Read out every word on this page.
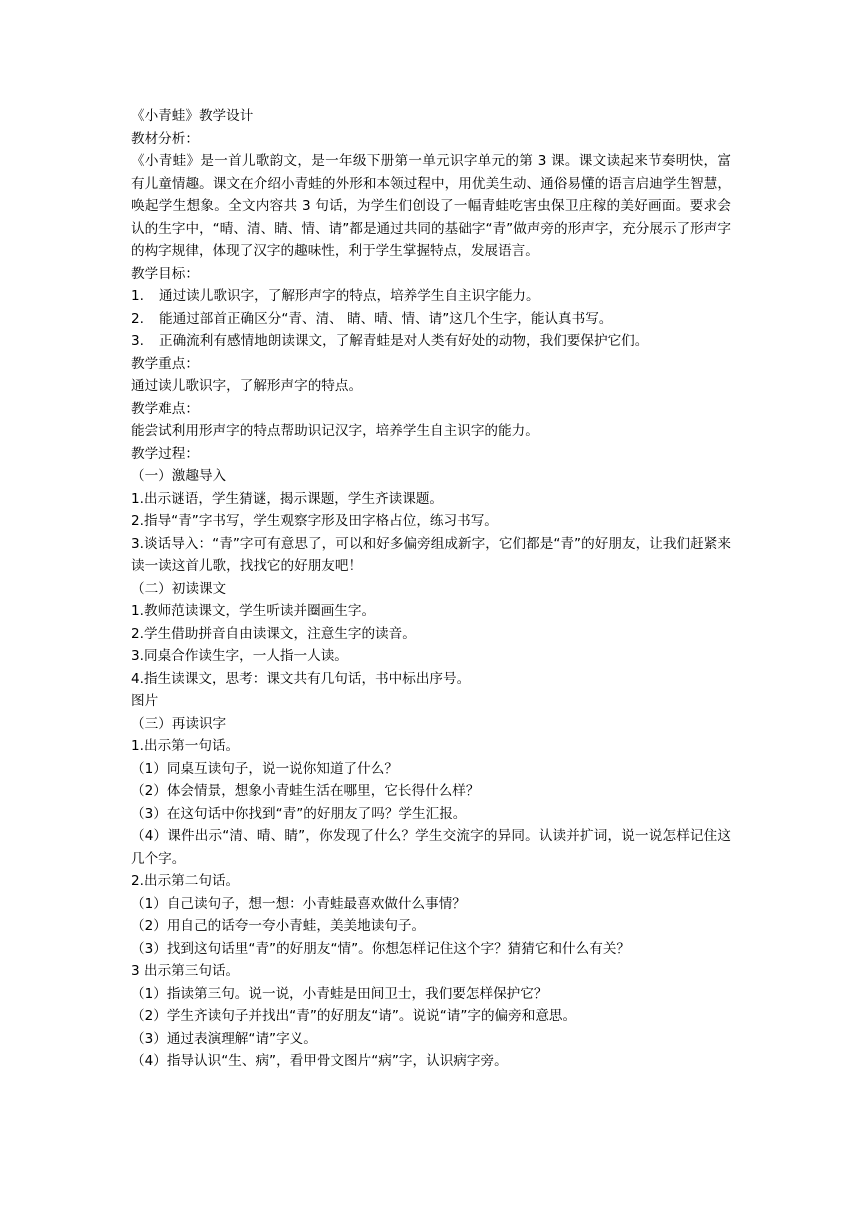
《小青蛙》教学设计
教材分析：
《小青蛙》是一首儿歌韵文，是一年级下册第一单元识字单元的第 3 课。课文读起来节奏明快，富有儿童情趣。课文在介绍小青蛙的外形和本领过程中，用优美生动、通俗易懂的语言启迪学生智慧，唤起学生想象。全文内容共 3 句话，为学生们创设了一幅青蛙吃害虫保卫庄稼的美好画面。要求会认的生字中，“晴、清、睛、情、请”都是通过共同的基础字“青”做声旁的形声字，充分展示了形声字的构字规律，体现了汉字的趣味性，利于学生掌握特点，发展语言。
教学目标：
1. 通过读儿歌识字，了解形声字的特点，培养学生自主识字能力。
2. 能通过部首正确区分“青、清、 睛、晴、情、请”这几个生字，能认真书写。
3. 正确流利有感情地朗读课文，了解青蛙是对人类有好处的动物，我们要保护它们。
教学重点：
通过读儿歌识字，了解形声字的特点。
教学难点：
能尝试利用形声字的特点帮助识记汉字，培养学生自主识字的能力。
教学过程：
（一）激趣导入
1.出示谜语，学生猜谜，揭示课题，学生齐读课题。
2.指导“青”字书写，学生观察字形及田字格占位，练习书写。
3.谈话导入：“青”字可有意思了，可以和好多偏旁组成新字，它们都是“青”的好朋友，让我们赶紧来读一读这首儿歌，找找它的好朋友吧！
（二）初读课文
1.教师范读课文，学生听读并圈画生字。
2.学生借助拼音自由读课文，注意生字的读音。
3.同桌合作读生字，一人指一人读。
4.指生读课文，思考：课文共有几句话，书中标出序号。
图片
（三）再读识字
1.出示第一句话。
（1）同桌互读句子，说一说你知道了什么？
（2）体会情景，想象小青蛙生活在哪里，它长得什么样？
（3）在这句话中你找到“青”的好朋友了吗？学生汇报。
（4）课件出示“清、晴、睛”，你发现了什么？学生交流字的异同。认读并扩词，说一说怎样记住这几个字。
2.出示第二句话。
（1）自己读句子，想一想：小青蛙最喜欢做什么事情？
（2）用自己的话夸一夸小青蛙，美美地读句子。
（3）找到这句话里“青”的好朋友“情”。你想怎样记住这个字？猜猜它和什么有关？
3 出示第三句话。
（1）指读第三句。说一说，小青蛙是田间卫士，我们要怎样保护它？
（2）学生齐读句子并找出“青”的好朋友“请”。说说“请”字的偏旁和意思。
（3）通过表演理解“请”字义。
（4）指导认识“生、病”，看甲骨文图片“病”字，认识病字旁。
